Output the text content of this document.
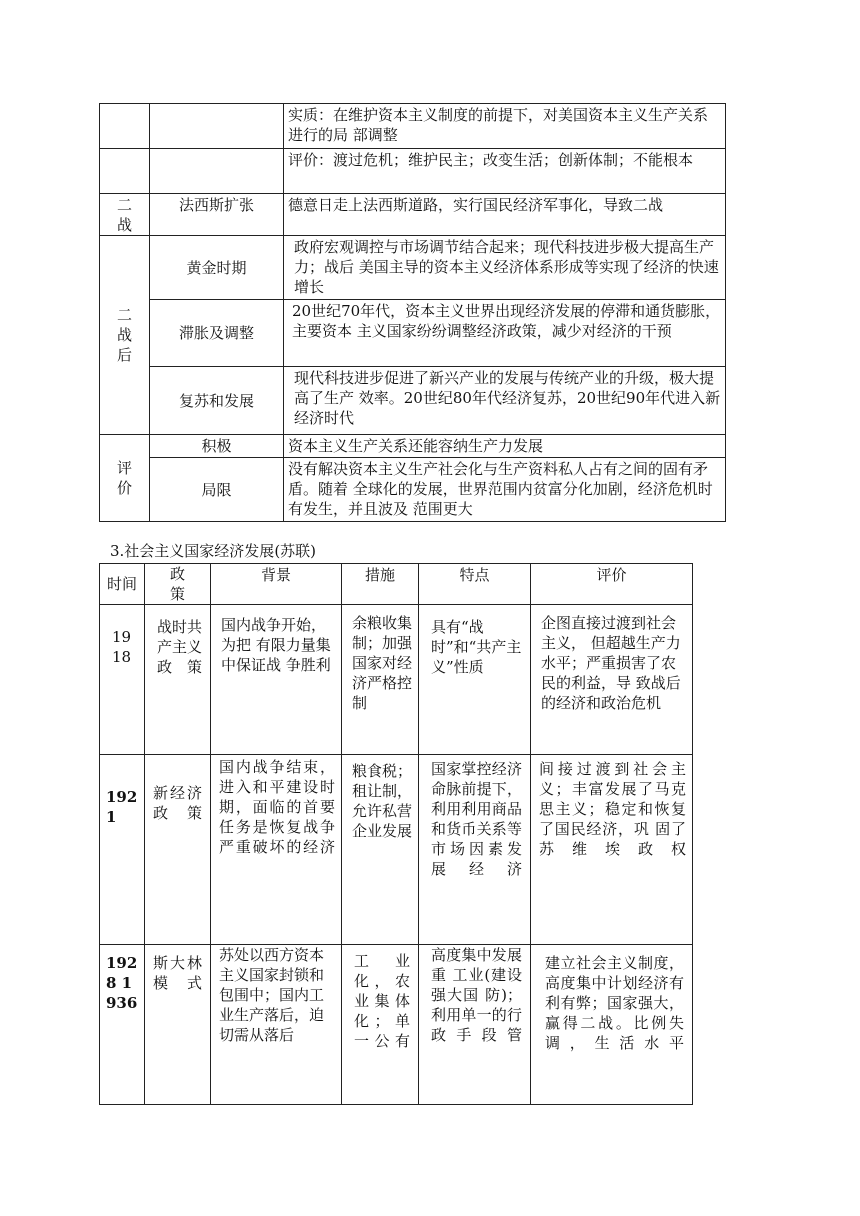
		实质：在维护资本主义制度的前提下，对美国资本主义生产关系进行的局 部调整
		评价：渡过危机；维护民主；改变生活；创新体制；不能根本
二战	法西斯扩张	德意日走上法西斯道路，实行国民经济军事化，导致二战
二战后	黄金时期	政府宏观调控与市场调节结合起来；现代科技进步极大提高生产力；战后 美国主导的资本主义经济体系形成等实现了经济的快速增长
	滞胀及调整	20世纪70年代，资本主义世界出现经济发展的停滞和通货膨胀，主要资本 主义国家纷纷调整经济政策，减少对经济的干预
	复苏和发展	现代科技进步促进了新兴产业的发展与传统产业的升级，极大提高了生产 效率。20世纪80年代经济复苏，20世纪90年代进入新经济时代
评价	积极	资本主义生产关系还能容纳生产力发展
	局限	没有解决资本主义生产社会化与生产资料私人占有之间的固有矛盾。随着 全球化的发展，世界范围内贫富分化加剧，经济危机时有发生，并且波及 范围更大
3.社会主义国家经济发展(苏联)
时间	政策	背景	措施	特点	评价
1918	战时共产主义政策	国内战争开始，为把 有限力量集中保证战 争胜利	余粮收集制；加强国家对经济严格控制	具有“战时”和“共产主义”性质	企图直接过渡到社会主义， 但超越生产力水平；严重损害了农民的利益，导 致战后的经济和政治危机
1921	新经济政策	国内战争结束，进入和平建设时期，面临的首要任务是恢复战争严重破坏的经济	粮食税；租让制，允许私营企业发展	国家掌控经济命脉前提下，利用利用商品和货币关系等市场因素发 展经济	间接过渡到社会主义；丰富发展了马克思主义；稳定和恢复了国民经济，巩 固了苏维埃政权
1928 1936	斯大林模式	苏处以西方资本主义国家封锁和包围中；国内工业生产落后，迫切需从落后	工业化，农业集体化；单一公有	高度集中发展重 工业(建设强大国 防)；利用单一的行政手段管	建立社会主义制度，高度集中计划经济有利有弊；国家强大，赢得二战。比例失调，生活水平
